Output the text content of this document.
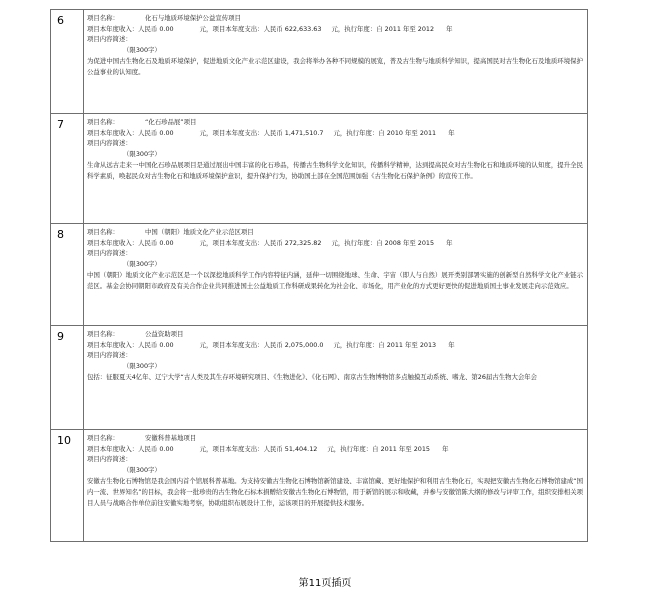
6	项目名称： 化石与地质环境保护公益宣传项目
项目本年度收入：人民币 0.00 元，项目本年度支出：人民币 622,633.63 元，执行年度：自 2011 年至 2012 年
项目内容简述：
（限300字）
为促进中国古生物化石及地质环境保护，促进地质文化产业示范区建设，我会将举办各种不同规模的展览，普及古生物与地质科学知识，提高国民对古生物化石及地质环境保护公益事业的认知度。

7	项目名称： “化石珍品展”项目
项目本年度收入：人民币 0.00 元，项目本年度支出：人民币 1,471,510.7 元，执行年度：自 2010 年至 2011 年
项目内容简述：
（限300字）
生命从远古走来一中国化石珍品展项目是通过展出中国丰富的化石珍品，传播古生物科学文化知识，传播科学精神，达到提高民众对古生物化石和地质环境的认知度，提升全民科学素质，唤起民众对古生物化石和地质环境保护意识，提升保护行为，协助国土部在全国范围加强《古生物化石保护条例》的宣传工作。

8	项目名称： 中国（朝阳）地质文化产业示范区项目
项目本年度收入：人民币 0.00 元，项目本年度支出：人民币 272,325.82 元，执行年度：自 2008 年至 2015 年
项目内容简述：
（限300字）
中国（朝阳）地质文化产业示范区是一个以深挖地质科学工作内容特征内涵，延伸一切围绕地球、生命、宇宙（即人与自然）展开类别部署实施的创新型自然科学文化产业链示范区。基金会协同朝阳市政府及有关合作企业共同推进国土公益地质工作科研成果转化为社会化、市场化，用产业化的方式更好更快的促进地质国土事业发展走向示范效应。

9	项目名称： 公益资助项目
项目本年度收入：人民币 0.00 元，项目本年度支出：人民币 2,075,000.0 元，执行年度：自 2011 年至 2013 年
项目内容简述：
（限300字）
包括：征服夏天4亿年、辽宁大学“古人类及其生存环境研究项目、《生物进化》、《化石网》、南京古生物博物馆多点触摸互动系统、嗜龙、第26届古生物大会年会

10	项目名称： 安徽科普基地项目
项目本年度收入：人民币 0.00 元，项目本年度支出：人民币 51,404.12 元，执行年度：自 2011 年至 2015 年
项目内容简述：
（限300字）
安徽古生物化石博物馆是我会国内首个馆展科普基地。为支持安徽古生物化石博物馆新馆建设、丰富馆藏、更好地保护和利用古生物化石，实现把安徽古生物化石博物馆建成“国内一流、世界知名”的目标，我会将一批珍贵的古生物化石标本捐赠给安徽古生物化石博物馆，用于新馆的展示和收藏，并参与安徽馆陈大纲的修改与评审工作，组织安排相关项目人员与战略合作单位前往安徽实地考察，协助组织布展设计工作，运该项目的开展提供技术服务。
第11页插页
